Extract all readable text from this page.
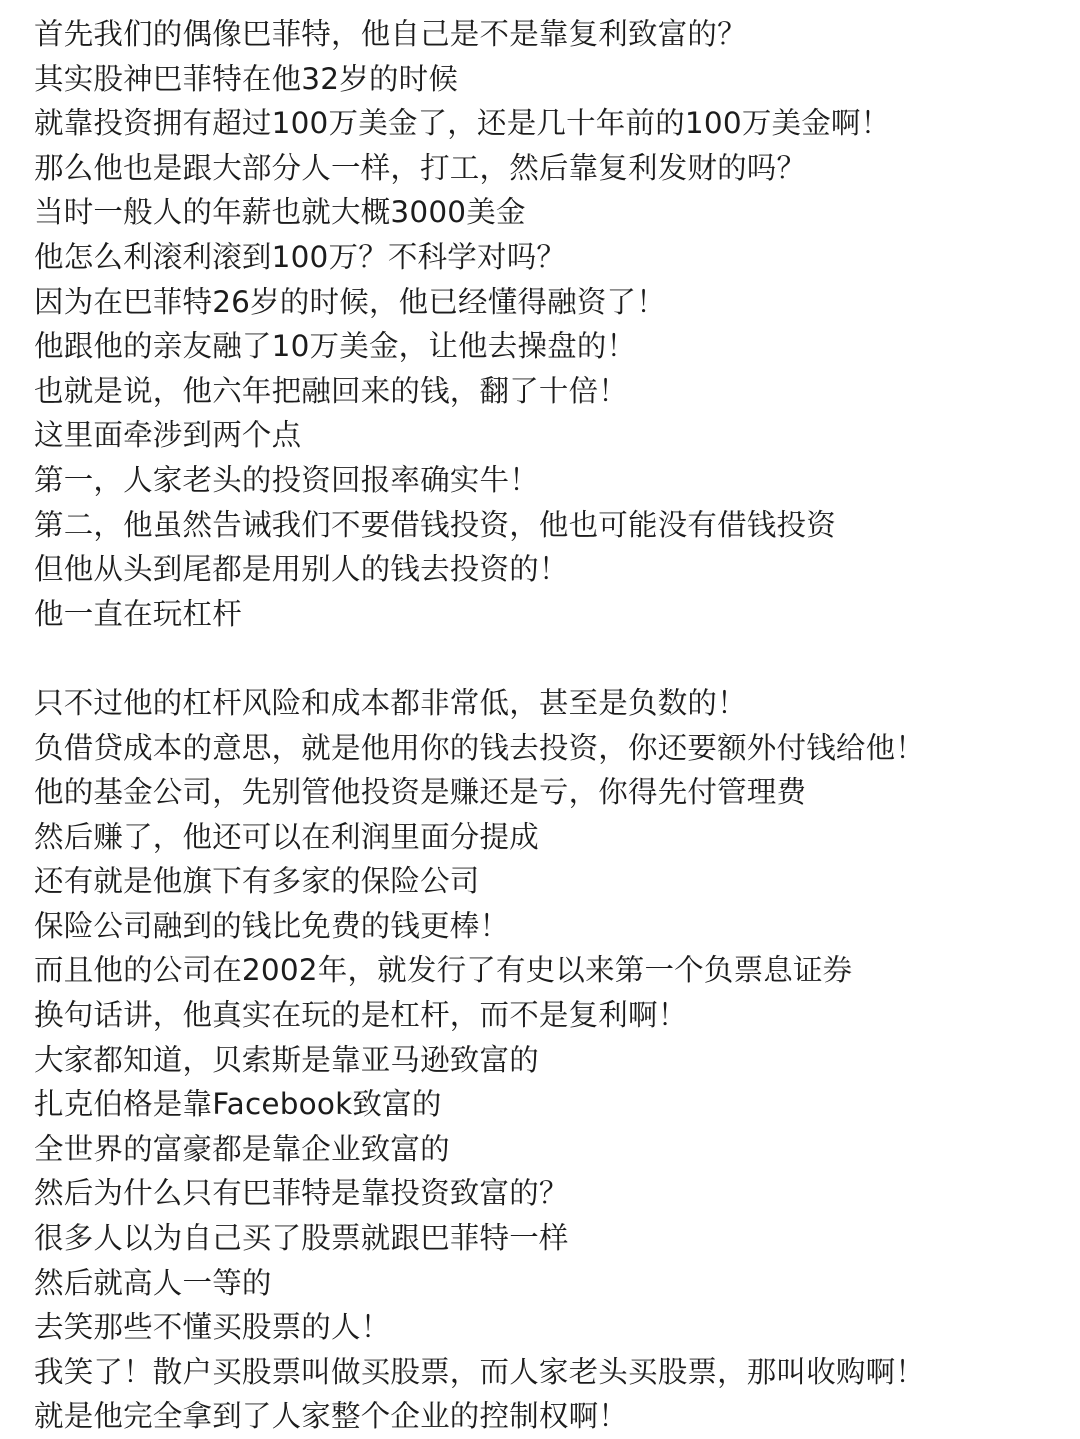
首先我们的偶像巴菲特，他自己是不是靠复利致富的？
其实股神巴菲特在他32岁的时候
就靠投资拥有超过100万美金了，还是几十年前的100万美金啊！
那么他也是跟大部分人一样，打工，然后靠复利发财的吗？
当时一般人的年薪也就大概3000美金
他怎么利滚利滚到100万？不科学对吗？
因为在巴菲特26岁的时候，他已经懂得融资了！
他跟他的亲友融了10万美金，让他去操盘的！
也就是说，他六年把融回来的钱，翻了十倍！
这里面牵涉到两个点
第一，人家老头的投资回报率确实牛！
第二，他虽然告诫我们不要借钱投资，他也可能没有借钱投资
但他从头到尾都是用别人的钱去投资的！
他一直在玩杠杆
只不过他的杠杆风险和成本都非常低，甚至是负数的！
负借贷成本的意思，就是他用你的钱去投资，你还要额外付钱给他！
他的基金公司，先别管他投资是赚还是亏，你得先付管理费
然后赚了，他还可以在利润里面分提成
还有就是他旗下有多家的保险公司
保险公司融到的钱比免费的钱更棒！
而且他的公司在2002年，就发行了有史以来第一个负票息证券
换句话讲，他真实在玩的是杠杆，而不是复利啊！
大家都知道，贝索斯是靠亚马逊致富的
扎克伯格是靠Facebook致富的
全世界的富豪都是靠企业致富的
然后为什么只有巴菲特是靠投资致富的？
很多人以为自己买了股票就跟巴菲特一样
然后就高人一等的
去笑那些不懂买股票的人！
我笑了！散户买股票叫做买股票，而人家老头买股票，那叫收购啊！
就是他完全拿到了人家整个企业的控制权啊！
